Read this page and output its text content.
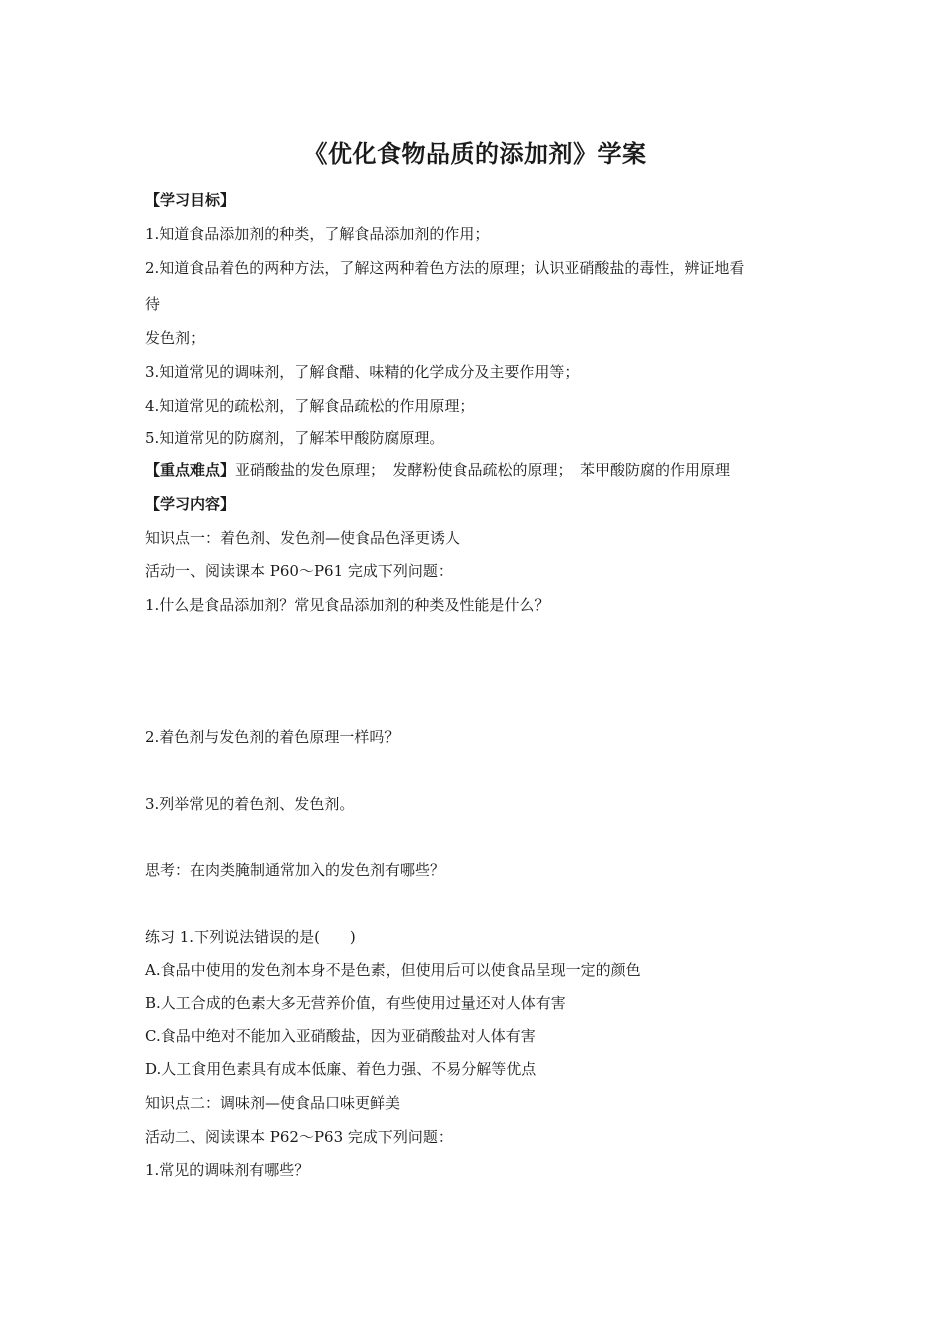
《优化食物品质的添加剂》学案
【学习目标】
1.知道食品添加剂的种类，了解食品添加剂的作用；
2.知道食品着色的两种方法，了解这两种着色方法的原理；认识亚硝酸盐的毒性，辨证地看
待
发色剂；
3.知道常见的调味剂，了解食醋、味精的化学成分及主要作用等；
4.知道常见的疏松剂，了解食品疏松的作用原理；
5.知道常见的防腐剂，了解苯甲酸防腐原理。
【重点难点】亚硝酸盐的发色原理；　发酵粉使食品疏松的原理；　苯甲酸防腐的作用原理
【学习内容】
知识点一：着色剂、发色剂—使食品色泽更诱人
活动一、阅读课本 P60～P61 完成下列问题：
1.什么是食品添加剂？常见食品添加剂的种类及性能是什么？
2.着色剂与发色剂的着色原理一样吗？
3.列举常见的着色剂、发色剂。
思考：在肉类腌制通常加入的发色剂有哪些？
练习 1.下列说法错误的是(　　)
A.食品中使用的发色剂本身不是色素，但使用后可以使食品呈现一定的颜色
B.人工合成的色素大多无营养价值，有些使用过量还对人体有害
C.食品中绝对不能加入亚硝酸盐，因为亚硝酸盐对人体有害
D.人工食用色素具有成本低廉、着色力强、不易分解等优点
知识点二：调味剂—使食品口味更鲜美
活动二、阅读课本 P62～P63 完成下列问题：
1.常见的调味剂有哪些？
